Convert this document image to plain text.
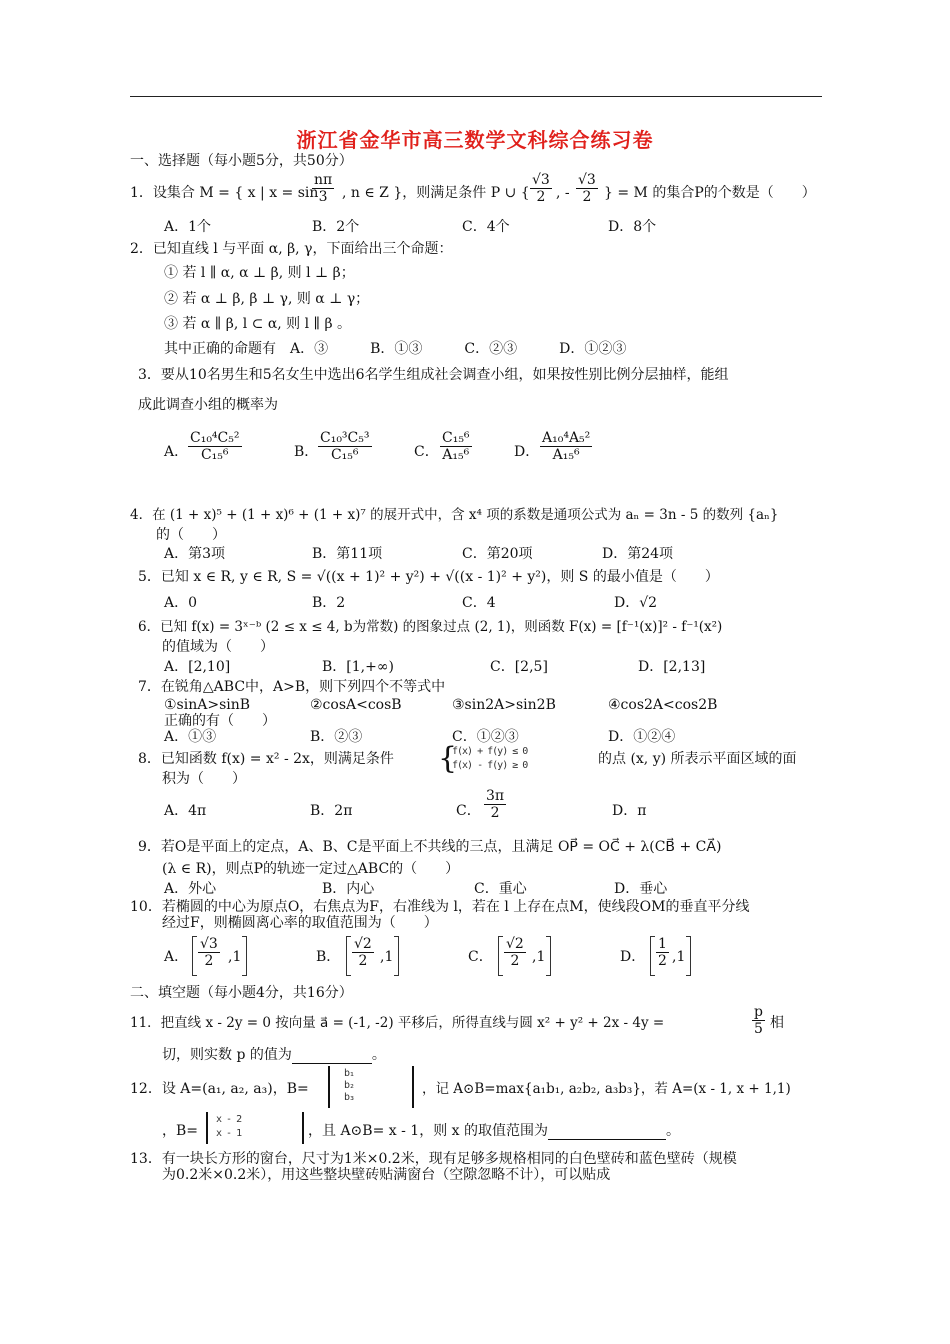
浙江省金华市高三数学文科综合练习卷
一、选择题（每小题5分，共50分）
1．设集合 M = { x | x = sin
$\frac{n\pi}{3}$ , n ∈ Z }，则满足条件 P ∪ { $\frac{√3}{2}$ , - $\frac{√3}{2}$ } = M 的集合P的个数是（　　）
A．1个	B．2个	C．4个	D．8个
2．已知直线 l 与平面 α, β, γ，下面给出三个命题：
① 若 l ∥ α, α ⊥ β, 则 l ⊥ β；
② 若 α ⊥ β, β ⊥ γ, 则 α ⊥ γ；
③ 若 α ∥ β, l ⊂ α, 则 l ∥ β 。
其中正确的命题有　A．③　　　B．①③　　　C．②③　　　D．①②③
3．要从10名男生和5名女生中选出6名学生组成社会调查小组，如果按性别比例分层抽样，能组
成此调查小组的概率为
A． $\frac{\text{C₁₀⁴C₅²}}{\text{C₁₅⁶}}$	B． $\frac{\text{C₁₀³C₅³}}{\text{C₁₅⁶}}$	C． $\frac{\text{C₁₅⁶}}{\text{A₁₅⁶}}$	D． $\frac{\text{A₁₀⁴A₅²}}{\text{A₁₅⁶}}$
4．在 (1 + x)⁵ + (1 + x)⁶ + (1 + x)⁷ 的展开式中，含 x⁴ 项的系数是通项公式为 aₙ = 3n - 5 的数列 {aₙ}
的（　　）
A．第3项	B．第11项	C．第20项	D．第24项
5．已知 x ∈ R, y ∈ R, S = √((x + 1)² + y²) + √((x - 1)² + y²)，则 S 的最小值是（　　）
A．0	B．2	C．4	D．√2
6．已知 f(x) = 3ˣ⁻ᵇ (2 ≤ x ≤ 4, b为常数) 的图象过点 (2, 1)，则函数 F(x) = [f⁻¹(x)]² - f⁻¹(x²)
的值域为（　　）
A．[2,10]	B．[1,+∞)	C．[2,5]	D．[2,13]
7．在锐角△ABC中，A>B，则下列四个不等式中
①sinA>sinB	②cosA<cosB	③sin2A>sin2B	④cos2A<cos2B
正确的有（　　）
A．①③	B．②③	C．①②③	D．①②④
8．已知函数 f(x) = x² - 2x，则满足条件 {
f(x) + f(y) ≤ 0
f(x) - f(y) ≥ 0	的点 (x, y) 所表示平面区域的面
积为（　　）
A．4π	B．2π	C． $\frac{3\pi}{2}$	D．π
9．若O是平面上的定点，A、B、C是平面上不共线的三点，且满足 OP⃗ = OC⃗ + λ(CB⃗ + CA⃗)
(λ ∈ R)，则点P的轨迹一定过△ABC的（　　）
A．外心	B．内心	C．重心	D．垂心
10．若椭圆的中心为原点O，右焦点为F，右准线为 l，若在 l 上存在点M，使线段OM的垂直平分线
经过F，则椭圆离心率的取值范围为（　　）
A． $\frac{√3}{2} ,1$	B． $\frac{√2}{2} ,1$	C． $\frac{√2}{2} ,1$	D． $\frac{1}{2} ,1$
二、填空题（每小题4分，共16分）
11．把直线 x - 2y = 0 按向量 a⃗ = (-1, -2) 平移后，所得直线与圆 x² + y² + 2x - 4y =	$\frac{p}{5}$ 相
切，则实数 p 的值为	。
12．设 A=(a₁, a₂, a₃)，B=
b₁
b₂
b₃
，记 A⊙B=max{a₁b₁, a₂b₂, a₃b₃}，若 A=(x - 1, x + 1,1)
，B=
x - 2
x - 1	，且 A⊙B= x - 1，则 x 的取值范围为	。
13．有一块长方形的窗台，尺寸为1米×0.2米，现有足够多规格相同的白色壁砖和蓝色壁砖（规模
为0.2米×0.2米），用这些整块壁砖贴满窗台（空隙忽略不计），可以贴成
